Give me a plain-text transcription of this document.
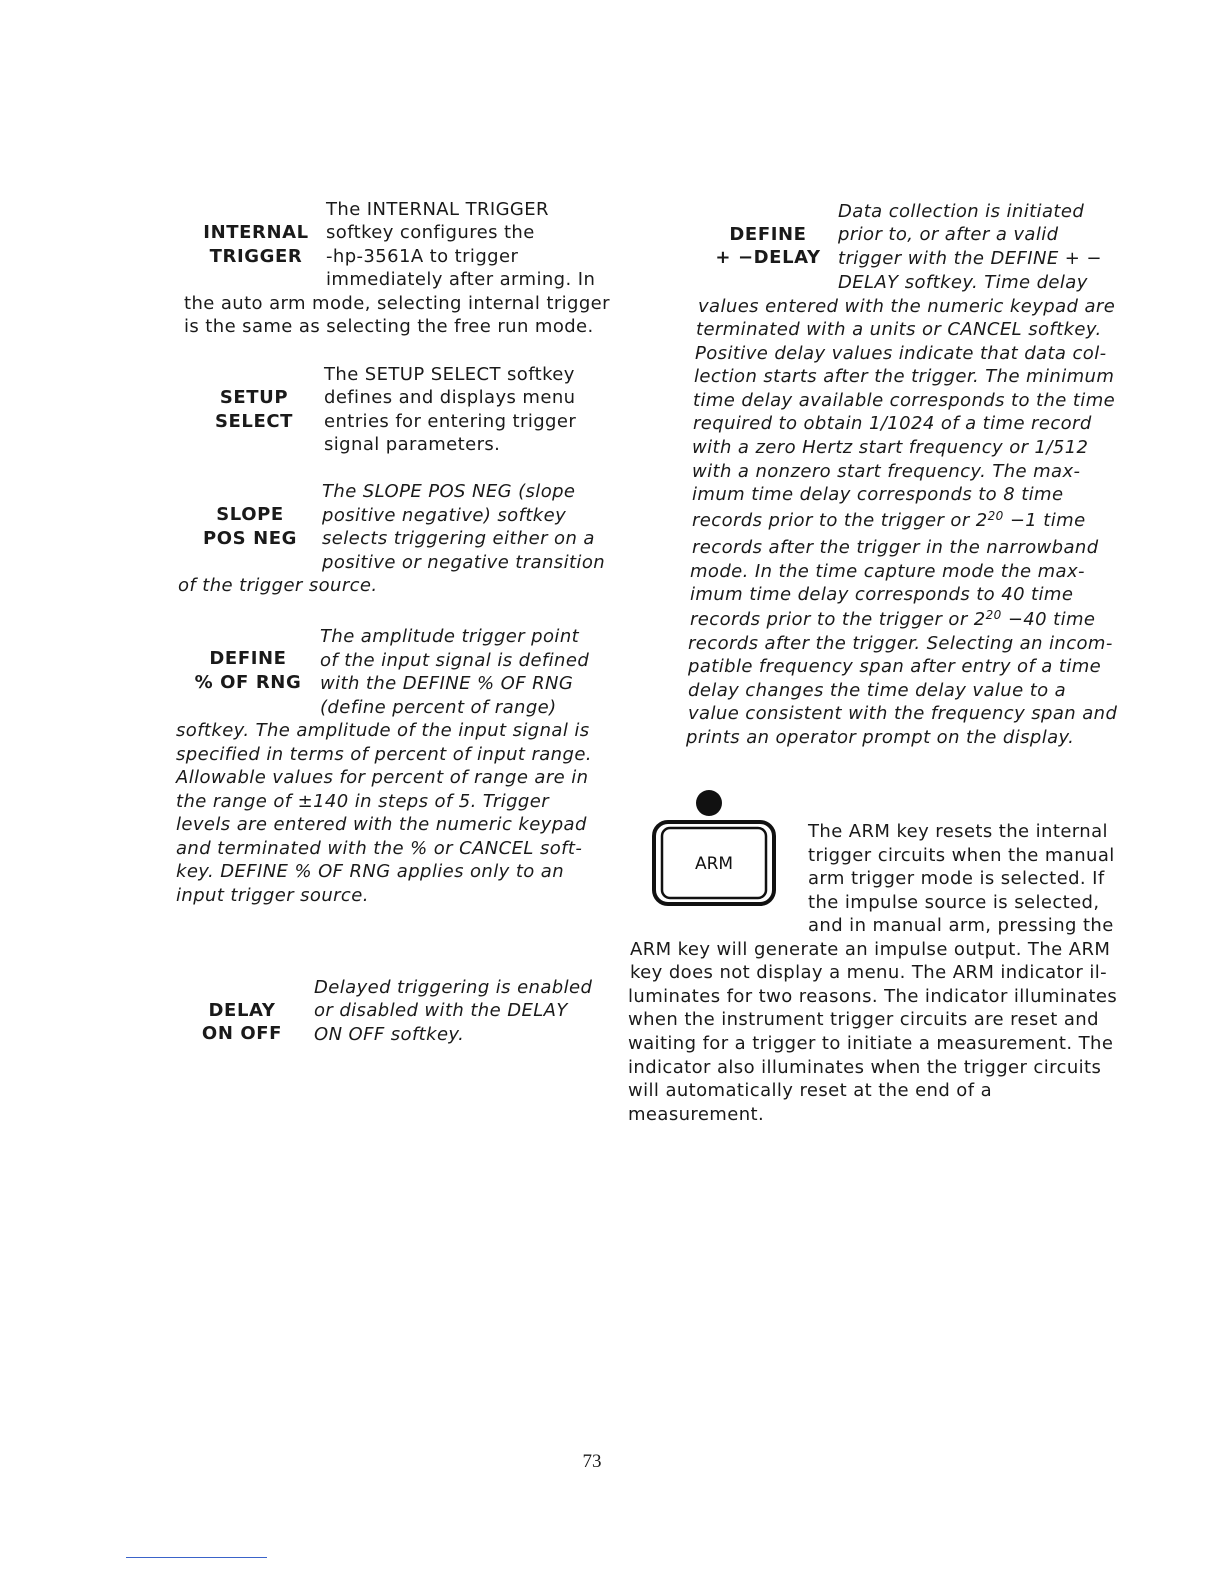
INTERNAL
TRIGGER
The INTERNAL TRIGGER
softkey configures the
-hp-3561A to trigger
immediately after arming. In
the auto arm mode, selecting internal trigger
is the same as selecting the free run mode.
SETUP
SELECT
The SETUP SELECT softkey
defines and displays menu
entries for entering trigger
signal parameters.
SLOPE
POS NEG
The SLOPE POS NEG (slope
positive negative) softkey
selects triggering either on a
positive or negative transition
of the trigger source.
DEFINE
% OF RNG
The amplitude trigger point
of the input signal is defined
with the DEFINE % OF RNG
(define percent of range)
softkey. The amplitude of the input signal is
specified in terms of percent of input range.
Allowable values for percent of range are in
the range of ±140 in steps of 5. Trigger
levels are entered with the numeric keypad
and terminated with the % or CANCEL soft-
key. DEFINE % OF RNG applies only to an
input trigger source.
DELAY
ON OFF
Delayed triggering is enabled
or disabled with the DELAY
ON OFF softkey.
DEFINE
+ −DELAY
Data collection is initiated
prior to, or after a valid
trigger with the DEFINE + −
DELAY softkey. Time delay
values entered with the numeric keypad are
terminated with a units or CANCEL softkey.
Positive delay values indicate that data col-
lection starts after the trigger. The minimum
time delay available corresponds to the time
required to obtain 1/1024 of a time record
with a zero Hertz start frequency or 1/512
with a nonzero start frequency. The max-
imum time delay corresponds to 8 time
records prior to the trigger or $2^{20} -1$ time
records after the trigger in the narrowband
mode. In the time capture mode the max-
imum time delay corresponds to 40 time
records prior to the trigger or $2^{20} -40$ time
records after the trigger. Selecting an incom-
patible frequency span after entry of a time
delay changes the time delay value to a
value consistent with the frequency span and
prints an operator prompt on the display.
ARM
The ARM key resets the internal
trigger circuits when the manual
arm trigger mode is selected. If
the impulse source is selected,
and in manual arm, pressing the
ARM key will generate an impulse output. The ARM
key does not display a menu. The ARM indicator il-
luminates for two reasons. The indicator illuminates
when the instrument trigger circuits are reset and
waiting for a trigger to initiate a measurement. The
indicator also illuminates when the trigger circuits
will automatically reset at the end of a
measurement.
73
